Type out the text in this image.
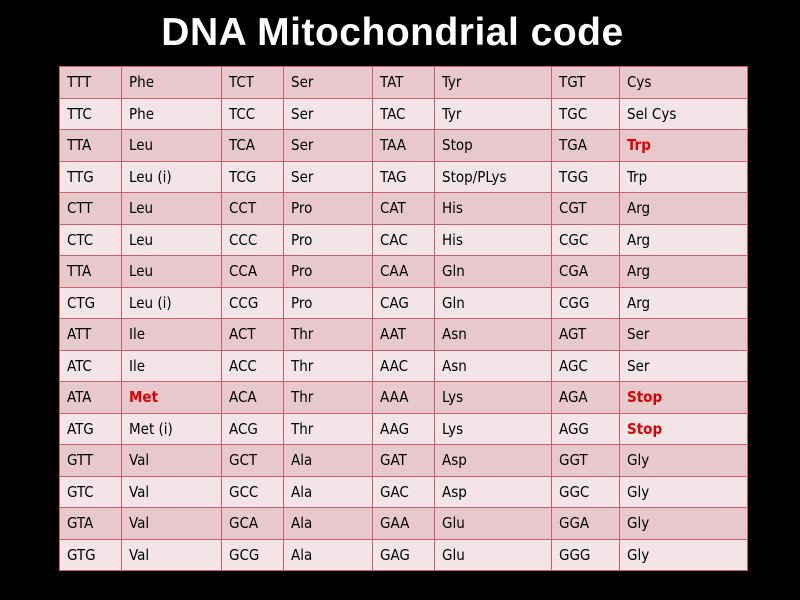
DNA Mitochondrial code
TTT	Phe	TCT	Ser	TAT	Tyr	TGT	Cys
TTC	Phe	TCC	Ser	TAC	Tyr	TGC	Sel Cys
TTA	Leu	TCA	Ser	TAA	Stop	TGA	Trp
TTG	Leu (i)	TCG	Ser	TAG	Stop/PLys	TGG	Trp
CTT	Leu	CCT	Pro	CAT	His	CGT	Arg
CTC	Leu	CCC	Pro	CAC	His	CGC	Arg
TTA	Leu	CCA	Pro	CAA	Gln	CGA	Arg
CTG	Leu (i)	CCG	Pro	CAG	Gln	CGG	Arg
ATT	Ile	ACT	Thr	AAT	Asn	AGT	Ser
ATC	Ile	ACC	Thr	AAC	Asn	AGC	Ser
ATA	Met	ACA	Thr	AAA	Lys	AGA	Stop
ATG	Met (i)	ACG	Thr	AAG	Lys	AGG	Stop
GTT	Val	GCT	Ala	GAT	Asp	GGT	Gly
GTC	Val	GCC	Ala	GAC	Asp	GGC	Gly
GTA	Val	GCA	Ala	GAA	Glu	GGA	Gly
GTG	Val	GCG	Ala	GAG	Glu	GGG	Gly
